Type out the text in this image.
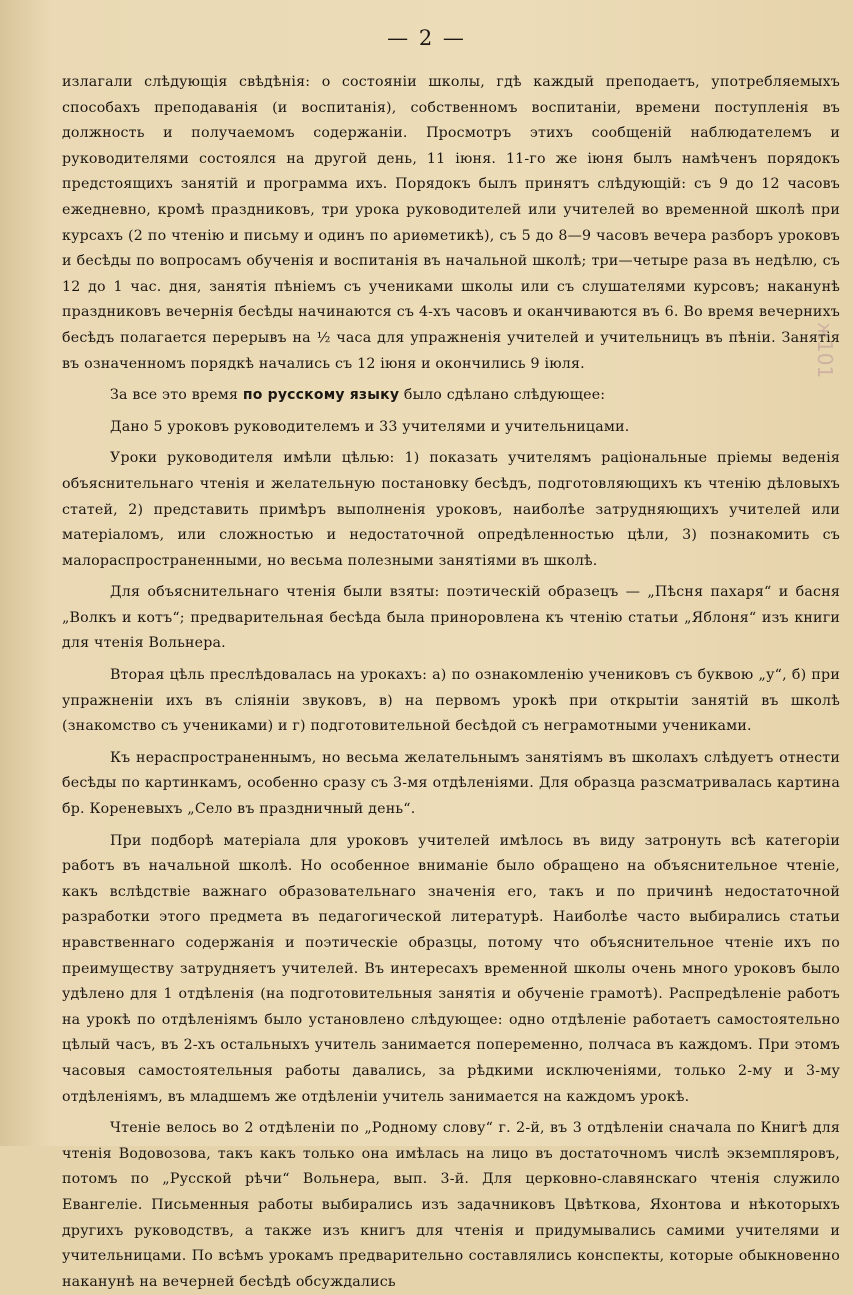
— 2 —
ж101

излагали слѣдующія свѣдѣнія: о состояніи школы, гдѣ каждый преподаетъ, употребляемыхъ способахъ преподаванія (и воспитанія), собственномъ воспитаніи, времени поступленія въ должность и получаемомъ содержаніи. Просмотръ этихъ сообщеній наблюдателемъ и руководителями состоялся на другой день, 11 іюня. 11-го же іюня былъ намѣченъ порядокъ предстоящихъ занятій и программа ихъ. Порядокъ былъ принятъ слѣдующій: съ 9 до 12 часовъ ежедневно, кромѣ праздниковъ, три урока руководителей или учителей во временной школѣ при курсахъ (2 по чтенію и письму и одинъ по ариѳметикѣ), съ 5 до 8—9 часовъ вечера разборъ уроковъ и бесѣды по вопросамъ обученія и воспитанія въ начальной школѣ; три—четыре раза въ недѣлю, съ 12 до 1 час. дня, занятія пѣніемъ съ учениками школы или съ слушателями курсовъ; наканунѣ праздниковъ вечернія бесѣды начинаются съ 4-хъ часовъ и оканчиваются въ 6. Во время вечернихъ бесѣдъ полагается перерывъ на ½ часа для упражненія учителей и учительницъ въ пѣніи. Занятія въ означенномъ порядкѣ начались съ 12 іюня и окончились 9 іюля.

За все это время по русскому языку было сдѣлано слѣдующее:

Дано 5 уроковъ руководителемъ и 33 учителями и учительницами.

Уроки руководителя имѣли цѣлью: 1) показать учителямъ раціональные пріемы веденія объяснительнаго чтенія и желательную постановку бесѣдъ, подготовляющихъ къ чтенію дѣловыхъ статей, 2) представить примѣръ выполненія уроковъ, наиболѣе затрудняющихъ учителей или матеріаломъ, или сложностью и недостаточной опредѣленностью цѣли, 3) познакомить съ малораспространенными, но весьма полезными занятіями въ школѣ.

Для объяснительнаго чтенія были взяты: поэтическій образецъ — „Пѣсня пахаря“ и басня „Волкъ и котъ“; предварительная бесѣда была приноровлена къ чтенію статьи „Яблоня“ изъ книги для чтенія Вольнера.

Вторая цѣль преслѣдовалась на урокахъ: а) по ознакомленію учениковъ съ буквою „у“, б) при упражненіи ихъ въ сліяніи звуковъ, в) на первомъ урокѣ при открытіи занятій въ школѣ (знакомство съ учениками) и г) подготовительной бесѣдой съ неграмотными учениками.

Къ нераспространеннымъ, но весьма желательнымъ занятіямъ въ школахъ слѣдуетъ отнести бесѣды по картинкамъ, особенно сразу съ 3-мя отдѣленіями. Для образца разсматривалась картина бр. Кореневыхъ „Село въ праздничный день“.

При подборѣ матеріала для уроковъ учителей имѣлось въ виду затронуть всѣ категоріи работъ въ начальной школѣ. Но особенное вниманіе было обращено на объяснительное чтеніе, какъ вслѣдствіе важнаго образовательнаго значенія его, такъ и по причинѣ недостаточной разработки этого предмета въ педагогической литературѣ. Наиболѣе часто выбирались статьи нравственнаго содержанія и поэтическіе образцы, потому что объяснительное чтеніе ихъ по преимуществу затрудняетъ учителей. Въ интересахъ временной школы очень много уроковъ было удѣлено для 1 отдѣленія (на подготовительныя занятія и обученіе грамотѣ). Распредѣленіе работъ на урокѣ по отдѣленіямъ было установлено слѣдующее: одно отдѣленіе работаетъ самостоятельно цѣлый часъ, въ 2-хъ остальныхъ учитель занимается попеременно, полчаса въ каждомъ. При этомъ часовыя самостоятельныя работы давались, за рѣдкими исключеніями, только 2-му и 3-му отдѣленіямъ, въ младшемъ же отдѣленіи учитель занимается на каждомъ урокѣ.

Чтеніе велось во 2 отдѣленіи по „Родному слову“ г. 2-й, въ 3 отдѣленіи сначала по Книгѣ для чтенія Водовозова, такъ какъ только она имѣлась на лицо въ достаточномъ числѣ экземпляровъ, потомъ по „Русской рѣчи“ Вольнера, вып. 3-й. Для церковно-славянскаго чтенія служило Евангеліе. Письменныя работы выбирались изъ задачниковъ Цвѣткова, Яхонтова и нѣкоторыхъ другихъ руководствъ, а также изъ книгъ для чтенія и придумывались самими учителями и учительницами. По всѣмъ урокамъ предварительно составлялись конспекты, которые обыкновенно наканунѣ на вечерней бесѣдѣ обсуждались
